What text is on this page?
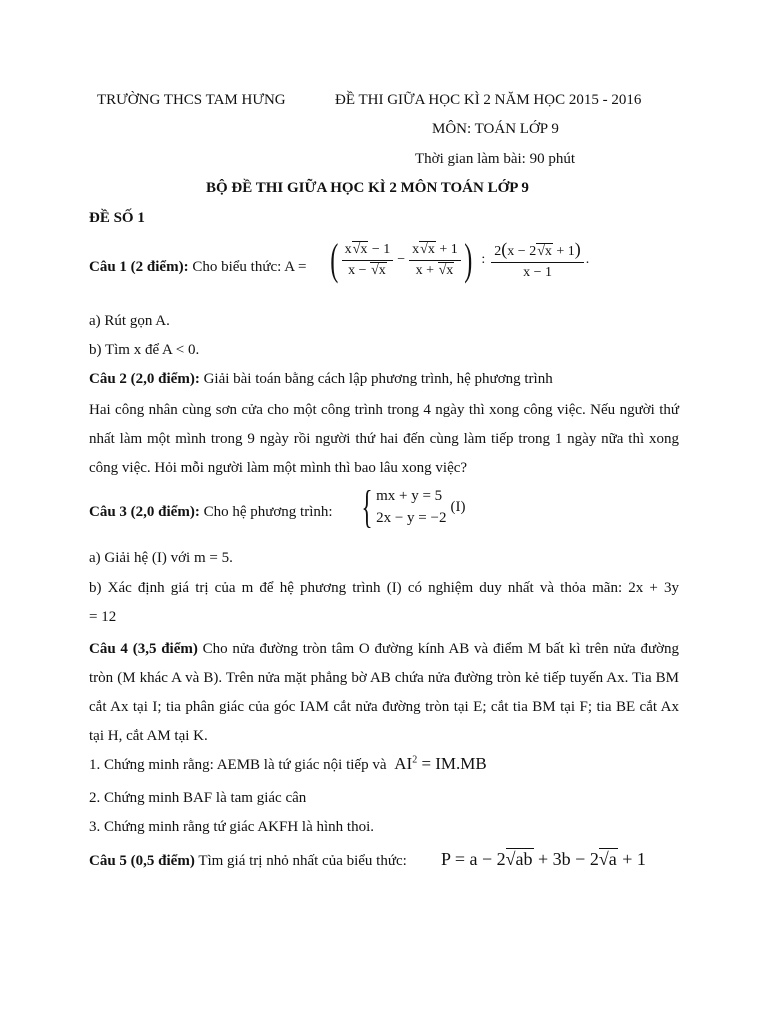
TRƯỜNG THCS TAM HƯNG	ĐỀ THI GIỮA HỌC KÌ 2 NĂM HỌC 2015 - 2016
MÔN: TOÁN LỚP 9
Thời gian làm bài: 90 phút
BỘ ĐỀ THI GIỮA HỌC KÌ 2 MÔN TOÁN LỚP 9
ĐỀ SỐ 1
Câu 1 (2 điểm): Cho biểu thức: A = ( $\frac{x√x - 1}{x - √x} - \frac{x√x + 1}{x + √x}$ ) : $\frac{2(x - 2√x + 1)}{x - 1}$ .
a) Rút gọn A.
b) Tìm x để A < 0.
Câu 2 (2,0 điểm): Giải bài toán bằng cách lập phương trình, hệ phương trình
Hai công nhân cùng sơn cửa cho một công trình trong 4 ngày thì xong công việc. Nếu người thứ nhất làm một mình trong 9 ngày rồi người thứ hai đến cùng làm tiếp trong 1 ngày nữa thì xong công việc. Hỏi mỗi người làm một mình thì bao lâu xong việc?
Câu 3 (2,0 điểm): Cho hệ phương trình: { mx + y = 5
2x − y = −2
(I)
a) Giải hệ (I) với m = 5.
b) Xác định giá trị của m để hệ phương trình (I) có nghiệm duy nhất và thỏa mãn: 2x + 3y
= 12
Câu 4 (3,5 điểm) Cho nửa đường tròn tâm O đường kính AB và điểm M bất kì trên nửa đường tròn (M khác A và B). Trên nửa mặt phẳng bờ AB chứa nửa đường tròn kẻ tiếp tuyến Ax. Tia BM cắt Ax tại I; tia phân giác của góc IAM cắt nửa đường tròn tại E; cắt tia BM tại F; tia BE cắt Ax tại H, cắt AM tại K.
1. Chứng minh rằng: AEMB là tứ giác nội tiếp và $AI^2 = IM.MB$
2. Chứng minh BAF là tam giác cân
3. Chứng minh rằng tứ giác AKFH là hình thoi.
Câu 5 (0,5 điểm) Tìm giá trị nhỏ nhất của biểu thức: P = a − 2√ab + 3b − 2√a + 1
